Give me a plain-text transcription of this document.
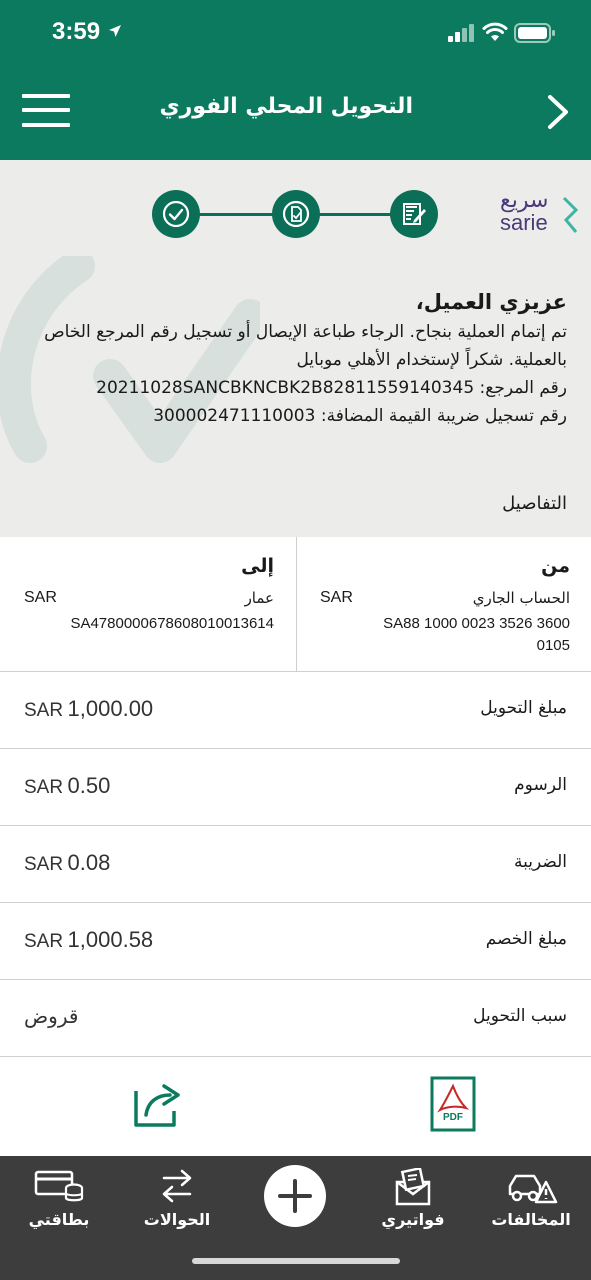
3:59
التحويل المحلي الفوري
سريع
sarie
عزيزي العميل،
تم إتمام العملية بنجاح. الرجاء طباعة الإيصال أو تسجيل رقم المرجع الخاص بالعملية. شكراً لإستخدام الأهلي موبايل
رقم المرجع: 20211028SANCBKNCBK2B82811559140345
رقم تسجيل ضريبة القيمة المضافة: 300002471110003
التفاصيل
من
الحساب الجاري
SAR
SA88 1000 0023 3526 3600 0105
إلى
عمار
SAR
SA4780000678608010013614
مبلغ التحويل
SAR 1,000.00
الرسوم
SAR 0.50
الضريبة
SAR 0.08
مبلغ الخصم
SAR 1,000.58
سبب التحويل
قروض
PDF
المخالفات
فواتيري
الحوالات
بطاقتي
